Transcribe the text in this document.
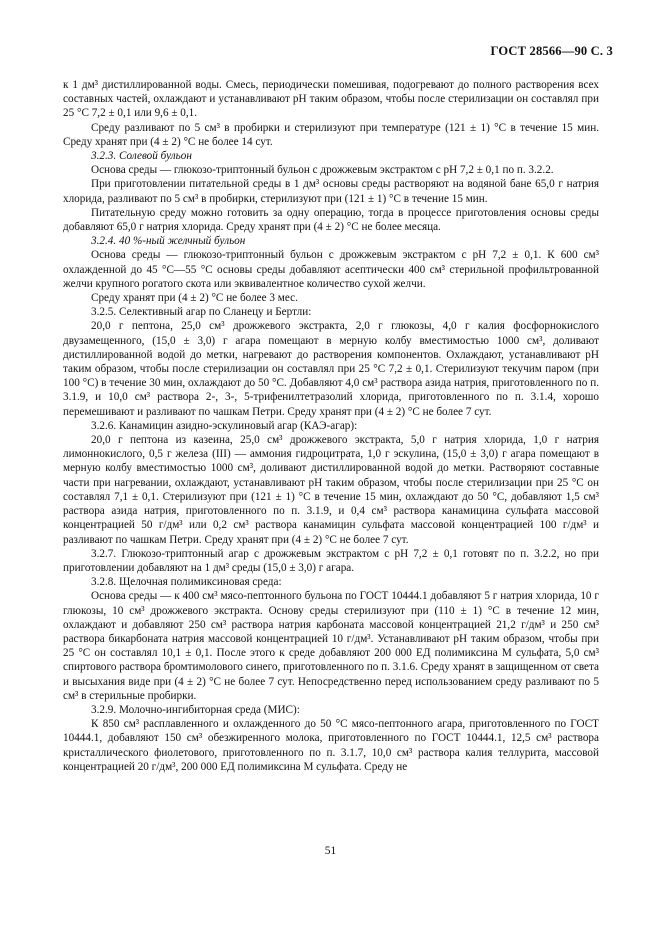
ГОСТ 28566—90 С. 3

к 1 дм³ дистиллированной воды. Смесь, периодически помешивая, подогревают до полного растворения всех составных частей, охлаждают и устанавливают pH таким образом, чтобы после стерилизации он составлял при 25 °С 7,2 ± 0,1 или 9,6 ± 0,1.

Среду разливают по 5 см³ в пробирки и стерилизуют при температуре (121 ± 1) °С в течение 15 мин. Среду хранят при (4 ± 2) °С не более 14 сут.

3.2.3. Солевой бульон

Основа среды — глюкозо-триптонный бульон с дрожжевым экстрактом с pH 7,2 ± 0,1 по п. 3.2.2.

При приготовлении питательной среды в 1 дм³ основы среды растворяют на водяной бане 65,0 г натрия хлорида, разливают по 5 см³ в пробирки, стерилизуют при (121 ± 1) °С в течение 15 мин.

Питательную среду можно готовить за одну операцию, тогда в процессе приготовления основы среды добавляют 65,0 г натрия хлорида. Среду хранят при (4 ± 2) °С не более месяца.

3.2.4. 40 %-ный желчный бульон

Основа среды — глюкозо-триптонный бульон с дрожжевым экстрактом с pH 7,2 ± 0,1. К 600 см³ охлажденной до 45 °С—55 °С основы среды добавляют асептически 400 см³ стерильной профильтрованной желчи крупного рогатого скота или эквивалентное количество сухой желчи.

Среду хранят при (4 ± 2) °С не более 3 мес.

3.2.5. Селективный агар по Сланецу и Бертли:

20,0 г пептона, 25,0 см³ дрожжевого экстракта, 2,0 г глюкозы, 4,0 г калия фосфорнокислого двузамещенного, (15,0 ± 3,0) г агара помещают в мерную колбу вместимостью 1000 см³, доливают дистиллированной водой до метки, нагревают до растворения компонентов. Охлаждают, устанавливают pH таким образом, чтобы после стерилизации он составлял при 25 °С 7,2 ± 0,1. Стерилизуют текучим паром (при 100 °С) в течение 30 мин, охлаждают до 50 °С. Добавляют 4,0 см³ раствора азида натрия, приготовленного по п. 3.1.9, и 10,0 см³ раствора 2-, 3-, 5-трифенилтетразолий хлорида, приготовленного по п. 3.1.4, хорошо перемешивают и разливают по чашкам Петри. Среду хранят при (4 ± 2) °С не более 7 сут.

3.2.6. Канамицин азидно-эскулиновый агар (КАЭ-агар):

20,0 г пептона из казеина, 25,0 см³ дрожжевого экстракта, 5,0 г натрия хлорида, 1,0 г натрия лимоннокислого, 0,5 г железа (III) — аммония гидроцитрата, 1,0 г эскулина, (15,0 ± 3,0) г агара помещают в мерную колбу вместимостью 1000 см³, доливают дистиллированной водой до метки. Растворяют составные части при нагревании, охлаждают, устанавливают pH таким образом, чтобы после стерилизации при 25 °С он составлял 7,1 ± 0,1. Стерилизуют при (121 ± 1) °С в течение 15 мин, охлаждают до 50 °С, добавляют 1,5 см³ раствора азида натрия, приготовленного по п. 3.1.9, и 0,4 см³ раствора канамицина сульфата массовой концентрацией 50 г/дм³ или 0,2 см³ раствора канамицин сульфата массовой концентрацией 100 г/дм³ и разливают по чашкам Петри. Среду хранят при (4 ± 2) °С не более 7 сут.

3.2.7. Глюкозо-триптонный агар с дрожжевым экстрактом с pH 7,2 ± 0,1 готовят по п. 3.2.2, но при приготовлении добавляют на 1 дм³ среды (15,0 ± 3,0) г агара.

3.2.8. Щелочная полимиксиновая среда:

Основа среды — к 400 см³ мясо-пептонного бульона по ГОСТ 10444.1 добавляют 5 г натрия хлорида, 10 г глюкозы, 10 см³ дрожжевого экстракта. Основу среды стерилизуют при (110 ± 1) °С в течение 12 мин, охлаждают и добавляют 250 см³ раствора натрия карбоната массовой концентрацией 21,2 г/дм³ и 250 см³ раствора бикарбоната натрия массовой концентрацией 10 г/дм³. Устанавливают pH таким образом, чтобы при 25 °С он составлял 10,1 ± 0,1. После этого к среде добавляют 200 000 ЕД полимиксина М сульфата, 5,0 см³ спиртового раствора бромтимолового синего, приготовленного по п. 3.1.6. Среду хранят в защищенном от света и высыхания виде при (4 ± 2) °С не более 7 сут. Непосредственно перед использованием среду разливают по 5 см³ в стерильные пробирки.

3.2.9. Молочно-ингибиторная среда (МИС):

К 850 см³ расплавленного и охлажденного до 50 °С мясо-пептонного агара, приготовленного по ГОСТ 10444.1, добавляют 150 см³ обезжиренного молока, приготовленного по ГОСТ 10444.1, 12,5 см³ раствора кристаллического фиолетового, приготовленного по п. 3.1.7, 10,0 см³ раствора калия теллурита, массовой концентрацией 20 г/дм³, 200 000 ЕД полимиксина М сульфата. Среду не

51
